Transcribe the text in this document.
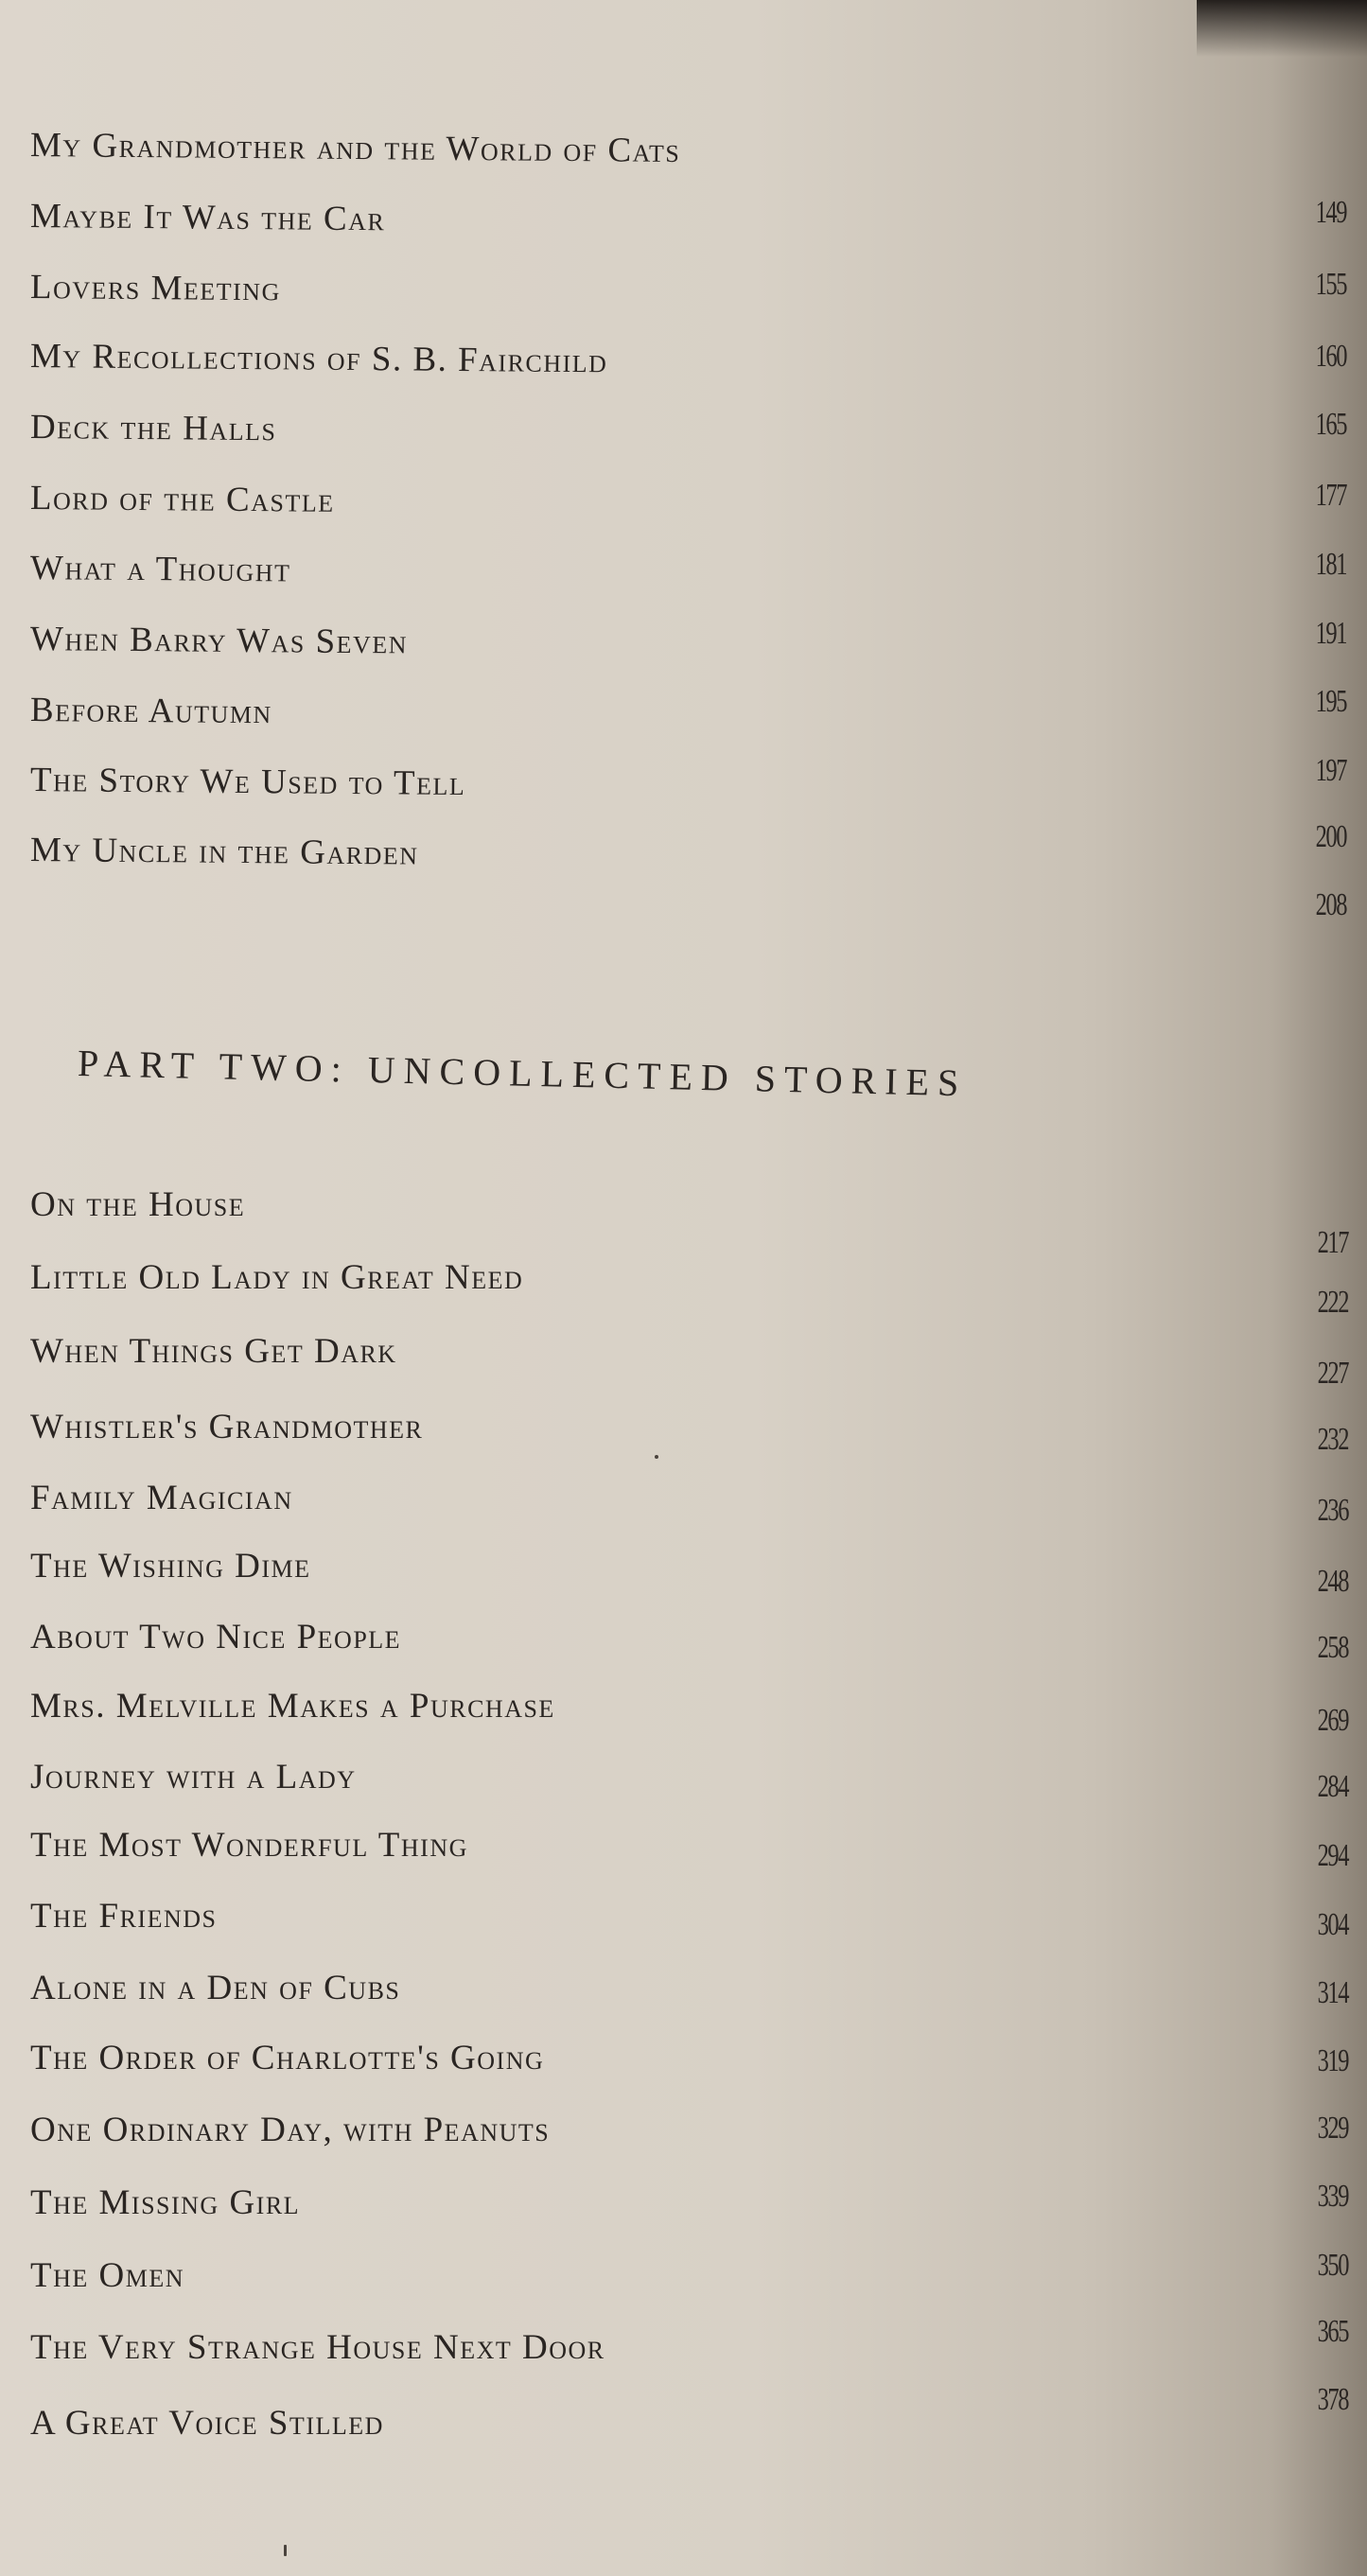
My Grandmother and the World of Cats
Maybe It Was the Car
Lovers Meeting
My Recollections of S. B. Fairchild
Deck the Halls
Lord of the Castle
What a Thought
When Barry Was Seven
Before Autumn
The Story We Used to Tell
My Uncle in the Garden
149
155
160
165
177
181
191
195
197
200
208
PART TWO: UNCOLLECTED STORIES
On the House
Little Old Lady in Great Need
When Things Get Dark
Whistler's Grandmother
Family Magician
The Wishing Dime
About Two Nice People
Mrs. Melville Makes a Purchase
Journey with a Lady
The Most Wonderful Thing
The Friends
Alone in a Den of Cubs
The Order of Charlotte's Going
One Ordinary Day, with Peanuts
The Missing Girl
The Omen
The Very Strange House Next Door
A Great Voice Stilled
217
222
227
232
236
248
258
269
284
294
304
314
319
329
339
350
365
378
